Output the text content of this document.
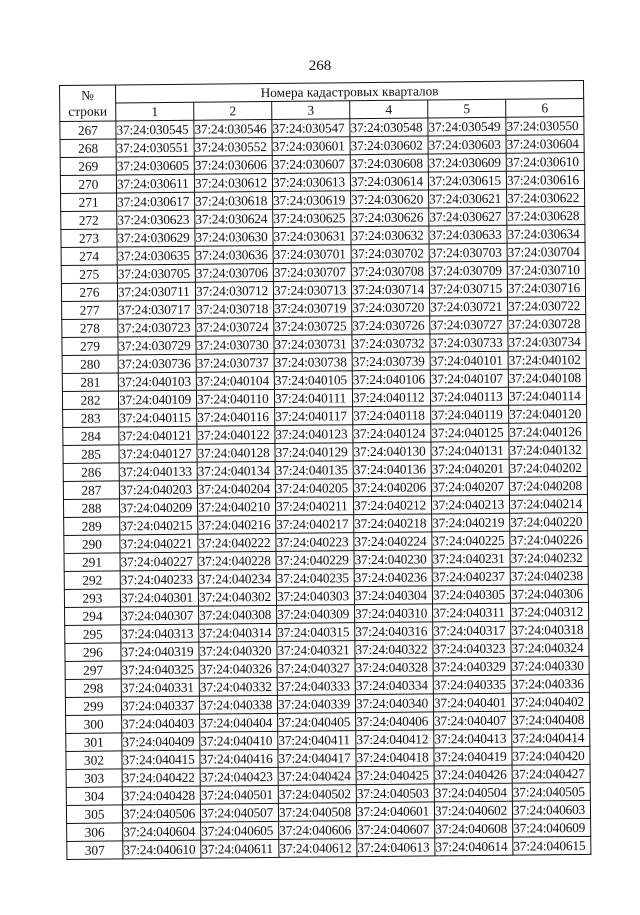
268
№
строки	Номера кадастровых кварталов					
	1	2	3	4	5	6
267	37:24:030545	37:24:030546	37:24:030547	37:24:030548	37:24:030549	37:24:030550
268	37:24:030551	37:24:030552	37:24:030601	37:24:030602	37:24:030603	37:24:030604
269	37:24:030605	37:24:030606	37:24:030607	37:24:030608	37:24:030609	37:24:030610
270	37:24:030611	37:24:030612	37:24:030613	37:24:030614	37:24:030615	37:24:030616
271	37:24:030617	37:24:030618	37:24:030619	37:24:030620	37:24:030621	37:24:030622
272	37:24:030623	37:24:030624	37:24:030625	37:24:030626	37:24:030627	37:24:030628
273	37:24:030629	37:24:030630	37:24:030631	37:24:030632	37:24:030633	37:24:030634
274	37:24:030635	37:24:030636	37:24:030701	37:24:030702	37:24:030703	37:24:030704
275	37:24:030705	37:24:030706	37:24:030707	37:24:030708	37:24:030709	37:24:030710
276	37:24:030711	37:24:030712	37:24:030713	37:24:030714	37:24:030715	37:24:030716
277	37:24:030717	37:24:030718	37:24:030719	37:24:030720	37:24:030721	37:24:030722
278	37:24:030723	37:24:030724	37:24:030725	37:24:030726	37:24:030727	37:24:030728
279	37:24:030729	37:24:030730	37:24:030731	37:24:030732	37:24:030733	37:24:030734
280	37:24:030736	37:24:030737	37:24:030738	37:24:030739	37:24:040101	37:24:040102
281	37:24:040103	37:24:040104	37:24:040105	37:24:040106	37:24:040107	37:24:040108
282	37:24:040109	37:24:040110	37:24:040111	37:24:040112	37:24:040113	37:24:040114
283	37:24:040115	37:24:040116	37:24:040117	37:24:040118	37:24:040119	37:24:040120
284	37:24:040121	37:24:040122	37:24:040123	37:24:040124	37:24:040125	37:24:040126
285	37:24:040127	37:24:040128	37:24:040129	37:24:040130	37:24:040131	37:24:040132
286	37:24:040133	37:24:040134	37:24:040135	37:24:040136	37:24:040201	37:24:040202
287	37:24:040203	37:24:040204	37:24:040205	37:24:040206	37:24:040207	37:24:040208
288	37:24:040209	37:24:040210	37:24:040211	37:24:040212	37:24:040213	37:24:040214
289	37:24:040215	37:24:040216	37:24:040217	37:24:040218	37:24:040219	37:24:040220
290	37:24:040221	37:24:040222	37:24:040223	37:24:040224	37:24:040225	37:24:040226
291	37:24:040227	37:24:040228	37:24:040229	37:24:040230	37:24:040231	37:24:040232
292	37:24:040233	37:24:040234	37:24:040235	37:24:040236	37:24:040237	37:24:040238
293	37:24:040301	37:24:040302	37:24:040303	37:24:040304	37:24:040305	37:24:040306
294	37:24:040307	37:24:040308	37:24:040309	37:24:040310	37:24:040311	37:24:040312
295	37:24:040313	37:24:040314	37:24:040315	37:24:040316	37:24:040317	37:24:040318
296	37:24:040319	37:24:040320	37:24:040321	37:24:040322	37:24:040323	37:24:040324
297	37:24:040325	37:24:040326	37:24:040327	37:24:040328	37:24:040329	37:24:040330
298	37:24:040331	37:24:040332	37:24:040333	37:24:040334	37:24:040335	37:24:040336
299	37:24:040337	37:24:040338	37:24:040339	37:24:040340	37:24:040401	37:24:040402
300	37:24:040403	37:24:040404	37:24:040405	37:24:040406	37:24:040407	37:24:040408
301	37:24:040409	37:24:040410	37:24:040411	37:24:040412	37:24:040413	37:24:040414
302	37:24:040415	37:24:040416	37:24:040417	37:24:040418	37:24:040419	37:24:040420
303	37:24:040422	37:24:040423	37:24:040424	37:24:040425	37:24:040426	37:24:040427
304	37:24:040428	37:24:040501	37:24:040502	37:24:040503	37:24:040504	37:24:040505
305	37:24:040506	37:24:040507	37:24:040508	37:24:040601	37:24:040602	37:24:040603
306	37:24:040604	37:24:040605	37:24:040606	37:24:040607	37:24:040608	37:24:040609
307	37:24:040610	37:24:040611	37:24:040612	37:24:040613	37:24:040614	37:24:040615
